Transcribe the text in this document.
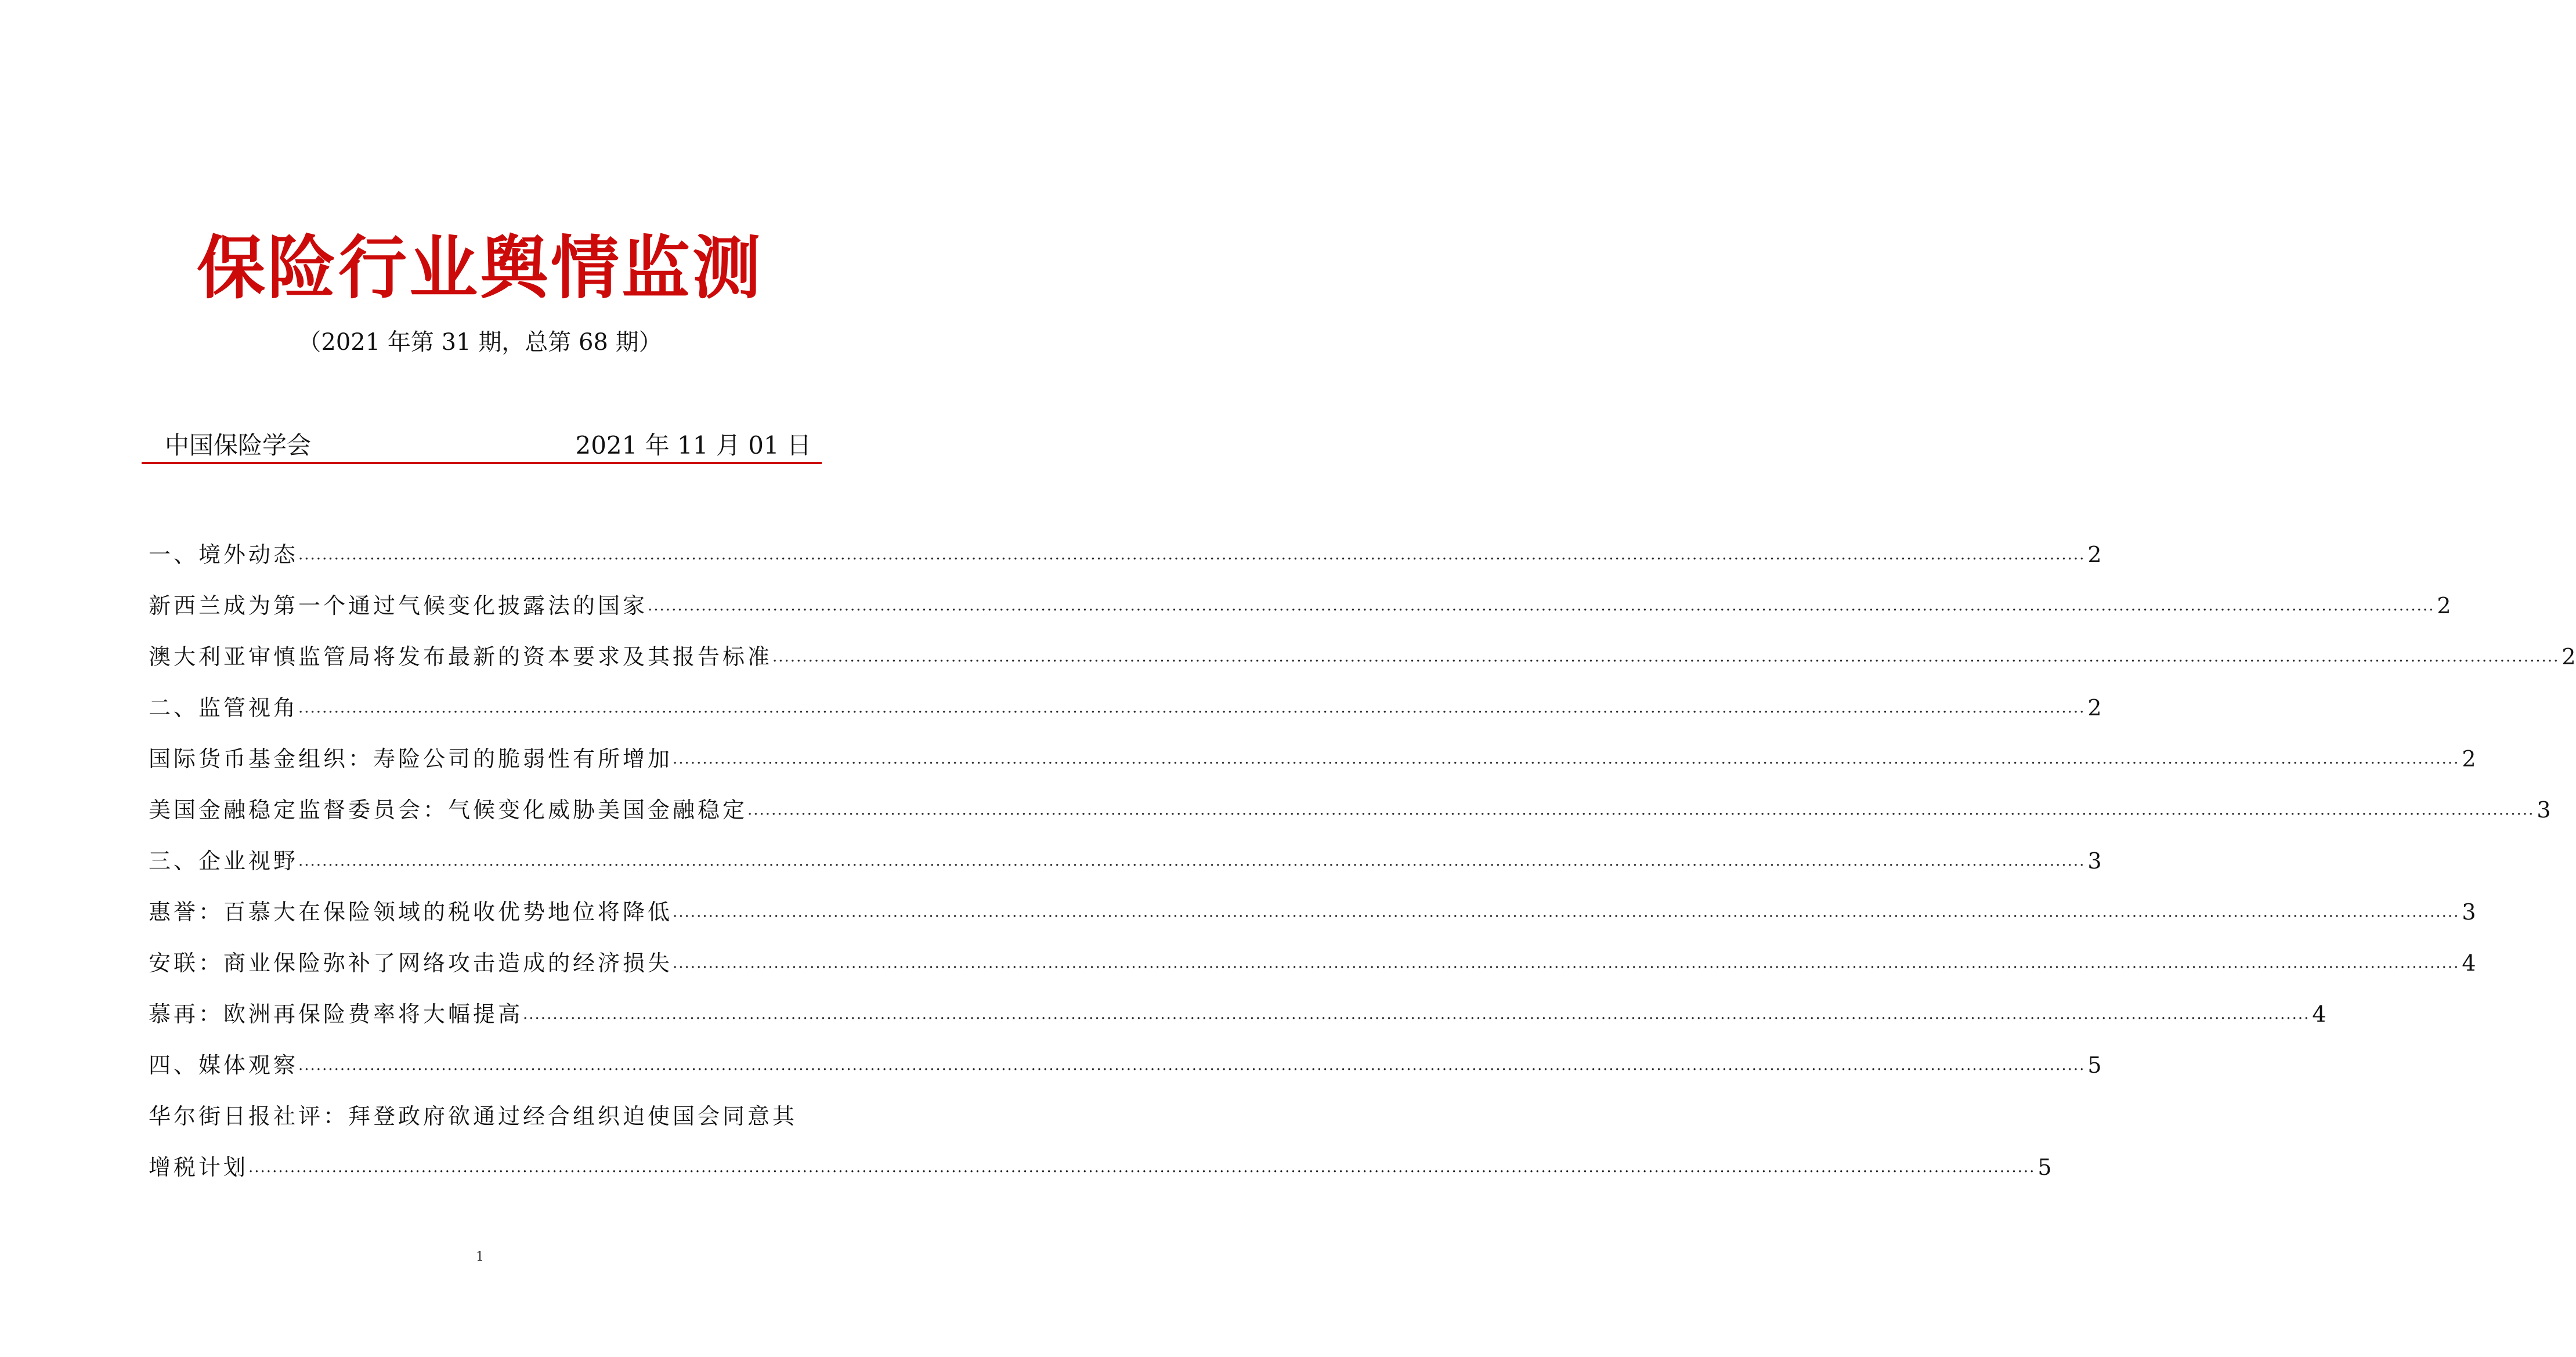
保险行业舆情监测
（2021 年第 31 期，总第 68 期）
中国保险学会	2021 年 11 月 01 日
一、境外动态 ............................................................................................................................................................................................................................................................................................................ 2
新西兰成为第一个通过气候变化披露法的国家 ............................................................................................................................................................................................................................................................................................................ 2
澳大利亚审慎监管局将发布最新的资本要求及其报告标准 ............................................................................................................................................................................................................................................................................................................ 2
二、监管视角 ............................................................................................................................................................................................................................................................................................................ 2
国际货币基金组织：寿险公司的脆弱性有所增加 ............................................................................................................................................................................................................................................................................................................ 2
美国金融稳定监督委员会：气候变化威胁美国金融稳定 ............................................................................................................................................................................................................................................................................................................ 3
三、企业视野 ............................................................................................................................................................................................................................................................................................................ 3
惠誉：百慕大在保险领域的税收优势地位将降低 ............................................................................................................................................................................................................................................................................................................ 3
安联：商业保险弥补了网络攻击造成的经济损失 ............................................................................................................................................................................................................................................................................................................ 4
慕再：欧洲再保险费率将大幅提高 ............................................................................................................................................................................................................................................................................................................ 4
四、媒体观察 ............................................................................................................................................................................................................................................................................................................ 5
华尔街日报社评：拜登政府欲通过经合组织迫使国会同意其
增税计划 ............................................................................................................................................................................................................................................................................................................ 5
1
